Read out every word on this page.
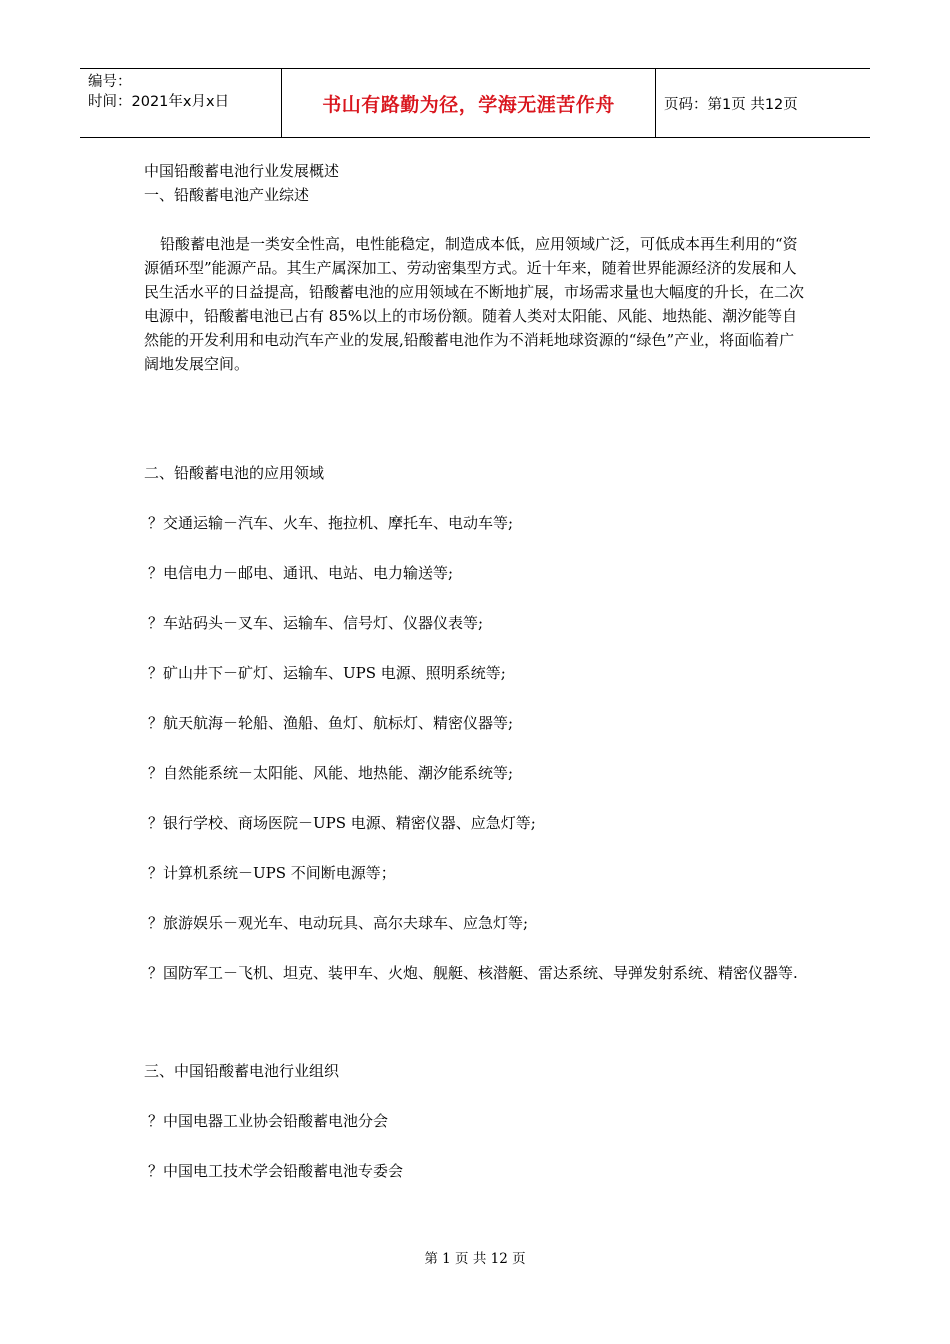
编号：
时间：2021年x月x日	书山有路勤为径，学海无涯苦作舟	页码：第1页 共12页
中国铅酸蓄电池行业发展概述
一、铅酸蓄电池产业综述

铅酸蓄电池是一类安全性高，电性能稳定，制造成本低，应用领域广泛，可低成本再生利用的“资源循环型”能源产品。其生产属深加工、劳动密集型方式。近十年来，随着世界能源经济的发展和人民生活水平的日益提高，铅酸蓄电池的应用领域在不断地扩展，市场需求量也大幅度的升长，在二次电源中，铅酸蓄电池已占有 85%以上的市场份额。随着人类对太阳能、风能、地热能、潮汐能等自然能的开发利用和电动汽车产业的发展,铅酸蓄电池作为不消耗地球资源的“绿色”产业，将面临着广阔地发展空间。

二、铅酸蓄电池的应用领域
？交通运输－汽车、火车、拖拉机、摩托车、电动车等;
？电信电力－邮电、通讯、电站、电力输送等;
？车站码头－叉车、运输车、信号灯、仪器仪表等;
？矿山井下－矿灯、运输车、UPS 电源、照明系统等;
？航天航海－轮船、渔船、鱼灯、航标灯、精密仪器等;
？自然能系统－太阳能、风能、地热能、潮汐能系统等;
？银行学校、商场医院－UPS 电源、精密仪器、应急灯等;
？计算机系统－UPS 不间断电源等；
？旅游娱乐－观光车、电动玩具、高尔夫球车、应急灯等;
？国防军工－飞机、坦克、装甲车、火炮、舰艇、核潜艇、雷达系统、导弹发射系统、精密仪器等.
三、中国铅酸蓄电池行业组织
？中国电器工业协会铅酸蓄电池分会
？中国电工技术学会铅酸蓄电池专委会
第 1 页 共 12 页
